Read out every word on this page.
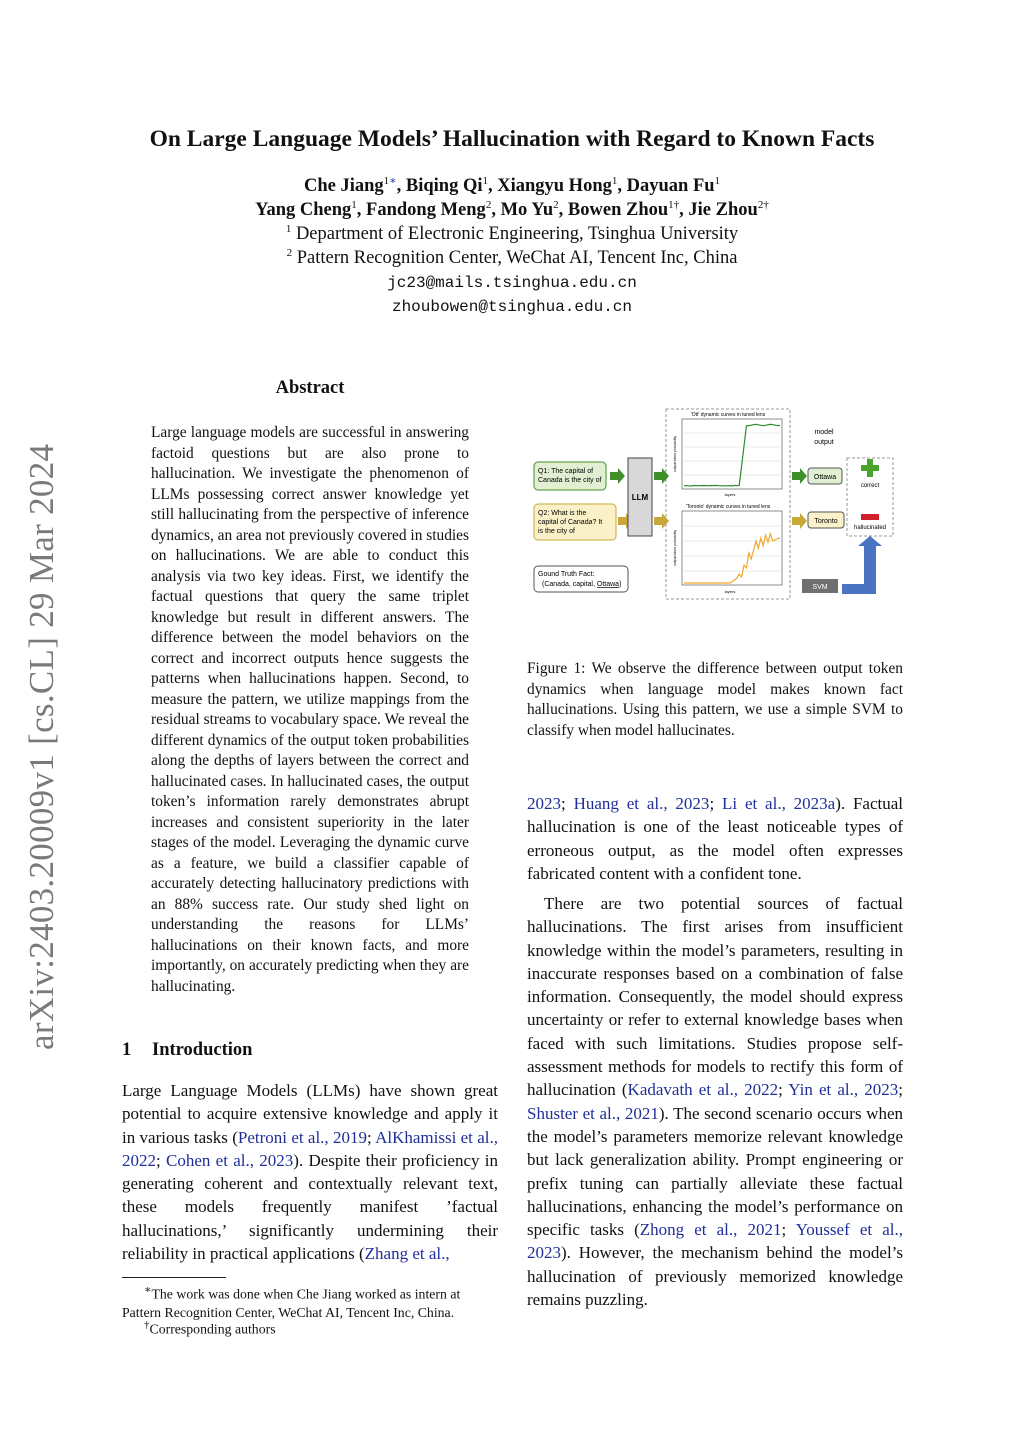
arXiv:2403.20009v1 [cs.CL] 29 Mar 2024
On Large Language Models’ Hallucination with Regard to Known Facts
Che Jiang$^{1∗}$, Biqing Qi$^1$, Xiangyu Hong$^1$, Dayuan Fu$^1$
Yang Cheng$^1$, Fandong Meng$^2$, Mo Yu$^2$, Bowen Zhou$^{1\dagger}$, Jie Zhou$^{2\dagger}$
$^1$ Department of Electronic Engineering, Tsinghua University
$^2$ Pattern Recognition Center, WeChat AI, Tencent Inc, China
jc23@mails.tsinghua.edu.cn
zhoubowen@tsinghua.edu.cn
Abstract
Large language models are successful in answering factoid questions but are also prone to hallucination. We investigate the phenomenon of LLMs possessing correct answer knowledge yet still hallucinating from the perspective of inference dynamics, an area not previously covered in studies on hallucinations. We are able to conduct this analysis via two key ideas. First, we identify the factual questions that query the same triplet knowledge but result in different answers. The difference between the model behaviors on the correct and incorrect outputs hence suggests the patterns when hallucinations happen. Second, to measure the pattern, we utilize mappings from the residual streams to vocabulary space. We reveal the different dynamics of the output token probabilities along the depths of layers between the correct and hallucinated cases. In hallucinated cases, the output token’s information rarely demonstrates abrupt increases and consistent superiority in the later stages of the model. Leveraging the dynamic curve as a feature, we build a classifier capable of accurately detecting hallucinatory predictions with an 88% success rate. Our study shed light on understanding the reasons for LLMs’ hallucinations on their known facts, and more importantly, on accurately predicting when they are hallucinating.
1 Introduction

Large Language Models (LLMs) have shown great potential to acquire extensive knowledge and apply it in various tasks (Petroni et al., 2019; AlKhamissi et al., 2022; Cohen et al., 2023). Despite their proficiency in generating coherent and contextually relevant text, these models frequently manifest ’factual hallucinations,’ significantly undermining their reliability in practical applications (Zhang et al.,

∗The work was done when Che Jiang worked as intern at Pattern Recognition Center, WeChat AI, Tencent Inc, China.
†Corresponding authors
Q1: The capital of
Canada is the city of
Q2: What is the
capital of Canada? It
is the city of
Gound Truth Fact:
(Canada, capital, Ottawa)
LLM
'Ott' dynamic curves in tuned lens
layers
output token probability
'Toronto' dynamic curves in tuned lens
layers
output token probability
model
output
Ottawa
Toronto
correct
hallucinated
SVM
Figure 1: We observe the difference between output token dynamics when language model makes known fact hallucinations. Using this pattern, we use a simple SVM to classify when model hallucinates.

2023; Huang et al., 2023; Li et al., 2023a). Factual hallucination is one of the least noticeable types of erroneous output, as the model often expresses fabricated content with a confident tone.

There are two potential sources of factual hallucinations. The first arises from insufficient knowledge within the model’s parameters, resulting in inaccurate responses based on a combination of false information. Consequently, the model should express uncertainty or refer to external knowledge bases when faced with such limitations. Studies propose self-assessment methods for models to rectify this form of hallucination (Kadavath et al., 2022; Yin et al., 2023; Shuster et al., 2021). The second scenario occurs when the model’s parameters memorize relevant knowledge but lack generalization ability. Prompt engineering or prefix tuning can partially alleviate these factual hallucinations, enhancing the model’s performance on specific tasks (Zhong et al., 2021; Youssef et al., 2023). However, the mechanism behind the model’s hallucination of previously memorized knowledge remains puzzling.
